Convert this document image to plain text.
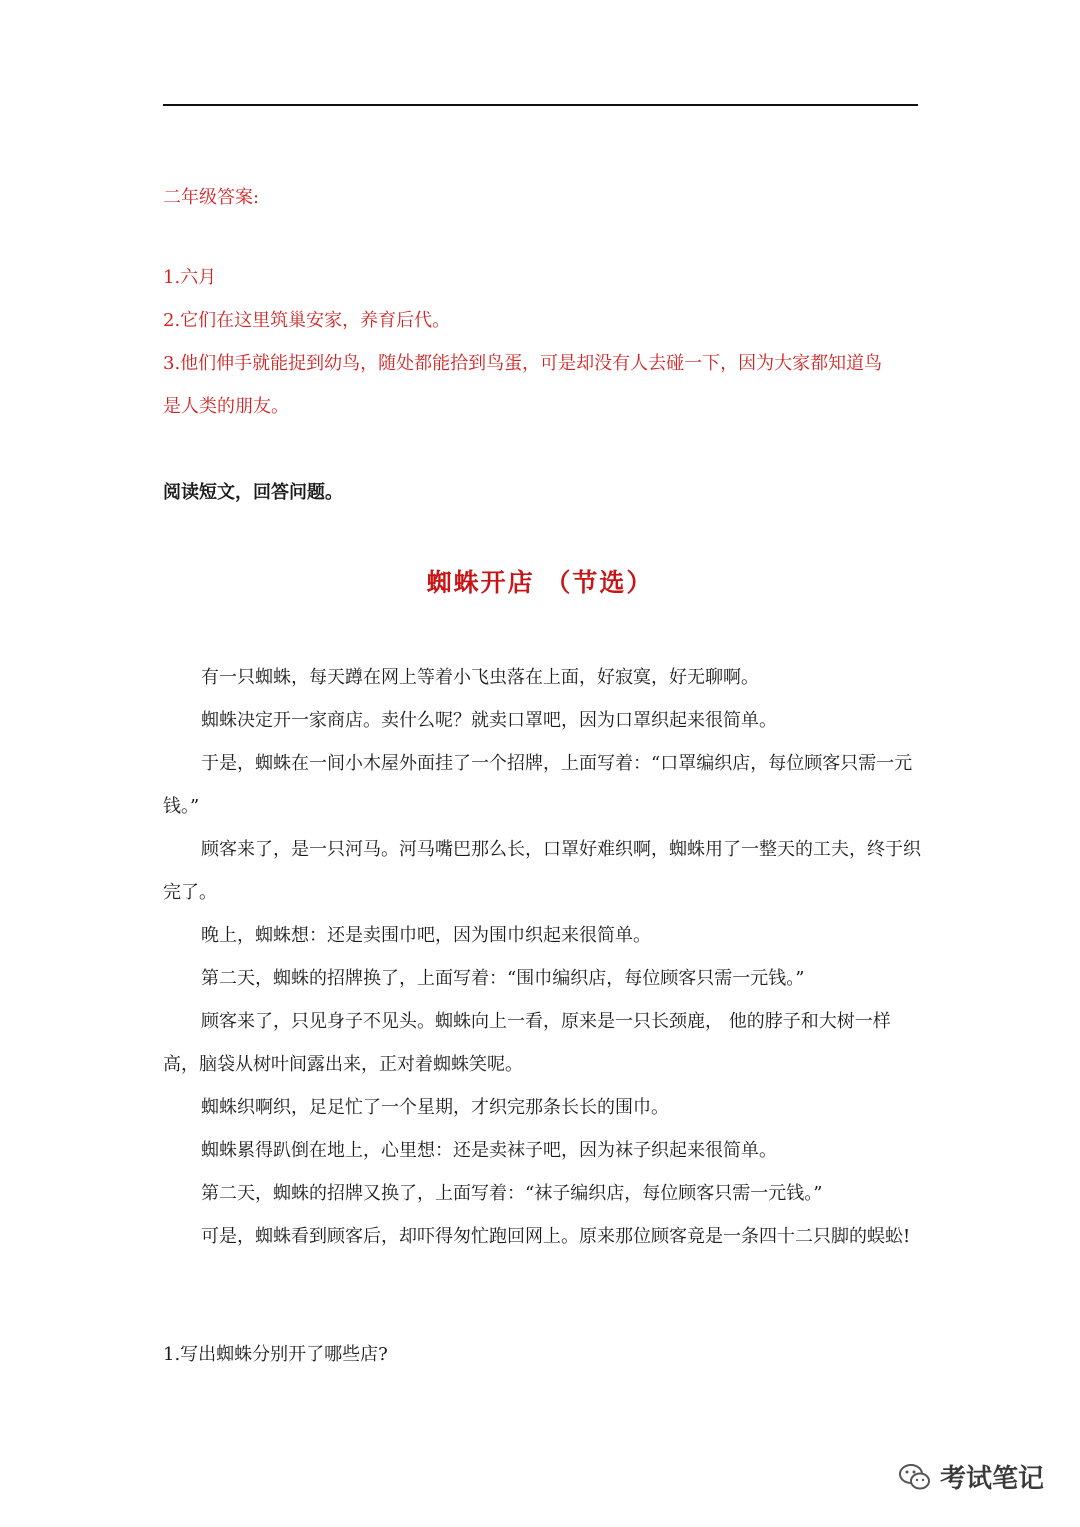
二年级答案:
1.六月
2.它们在这里筑巢安家，养育后代。
3.他们伸手就能捉到幼鸟，随处都能拾到鸟蛋，可是却没有人去碰一下，因为大家都知道鸟
是人类的朋友。
阅读短文，回答问题。
蜘蛛开店 （节选）

有一只蜘蛛，每天蹲在网上等着小飞虫落在上面，好寂寞，好无聊啊。

蜘蛛决定开一家商店。卖什么呢？就卖口罩吧，因为口罩织起来很简单。

于是，蜘蛛在一间小木屋外面挂了一个招牌，上面写着：“口罩编织店，每位顾客只需一元钱。”

顾客来了，是一只河马。河马嘴巴那么长，口罩好难织啊，蜘蛛用了一整天的工夫，终于织完了。

晚上，蜘蛛想：还是卖围巾吧，因为围巾织起来很简单。

第二天，蜘蛛的招牌换了，上面写着：“围巾编织店，每位顾客只需一元钱。”

顾客来了，只见身子不见头。蜘蛛向上一看，原来是一只长颈鹿， 他的脖子和大树一样高，脑袋从树叶间露出来，正对着蜘蛛笑呢。

蜘蛛织啊织，足足忙了一个星期，才织完那条长长的围巾。

蜘蛛累得趴倒在地上，心里想：还是卖袜子吧，因为袜子织起来很简单。

第二天，蜘蛛的招牌又换了，上面写着：“袜子编织店，每位顾客只需一元钱。”

可是，蜘蛛看到顾客后，却吓得匆忙跑回网上。原来那位顾客竟是一条四十二只脚的蜈蚣!

1.写出蜘蛛分别开了哪些店?
考试笔记
